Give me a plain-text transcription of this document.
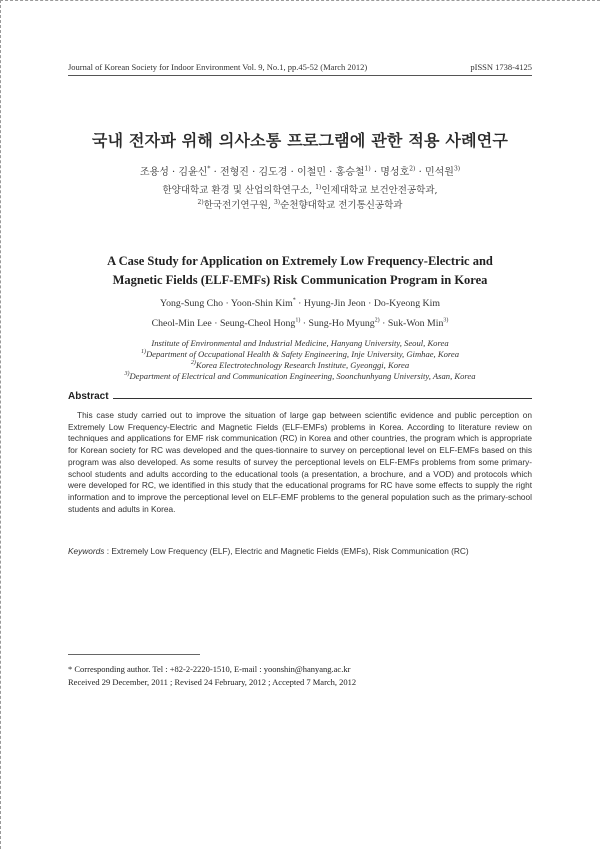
Journal of Korean Society for Indoor Environment Vol. 9, No.1, pp.45-52 (March 2012)	pISSN 1738-4125
국내 전자파 위해 의사소통 프로그램에 관한 적용 사례연구
조용성 · 김윤신* · 전형진 · 김도경 · 이철민 · 홍승철$^{1)}$ · 명성호$^{2)}$ · 민석원$^{3)}$
한양대학교 환경 및 산업의학연구소, $^{1)}$인제대학교 보건안전공학과,
$^{2)}$한국전기연구원, $^{3)}$순천향대학교 전기통신공학과
A Case Study for Application on Extremely Low Frequency-Electric and
Magnetic Fields (ELF-EMFs) Risk Communication Program in Korea
Yong-Sung Cho · Yoon-Shin Kim* · Hyung-Jin Jeon · Do-Kyeong Kim
Cheol-Min Lee · Seung-Cheol Hong$^{1)}$ · Sung-Ho Myung$^{2)}$ · Suk-Won Min$^{3)}$
Institute of Environmental and Industrial Medicine, Hanyang University, Seoul, Korea
$^{1)}$Department of Occupational Health & Safety Engineering, Inje University, Gimhae, Korea
$^{2)}$Korea Electrotechnology Research Institute, Gyeonggi, Korea
$^{3)}$Department of Electrical and Communication Engineering, Soonchunhyang University, Asan, Korea
Abstract
This case study carried out to improve the situation of large gap between scientific evidence and public perception on Extremely Low Frequency-Electric and Magnetic Fields (ELF-EMFs) problems in Korea. According to literature review on techniques and applications for EMF risk communication (RC) in Korea and other countries, the program which is appropriate for Korean society for RC was developed and the ques-tionnaire to survey on perceptional level on ELF-EMFs based on this program was also developed. As some results of survey the perceptional levels on ELF-EMFs problems from some primary-school students and adults according to the educational tools (a presentation, a brochure, and a VOD) and protocols which were developed for RC, we identified in this study that the educational programs for RC have some effects to supply the right information and to improve the perceptional level on ELF-EMF problems to the general population such as the primary-school students and adults in Korea.
Keywords : Extremely Low Frequency (ELF), Electric and Magnetic Fields (EMFs), Risk Communication (RC)
* Corresponding author. Tel : +82-2-2220-1510, E-mail : yoonshin@hanyang.ac.kr
Received 29 December, 2011 ; Revised 24 February, 2012 ; Accepted 7 March, 2012
